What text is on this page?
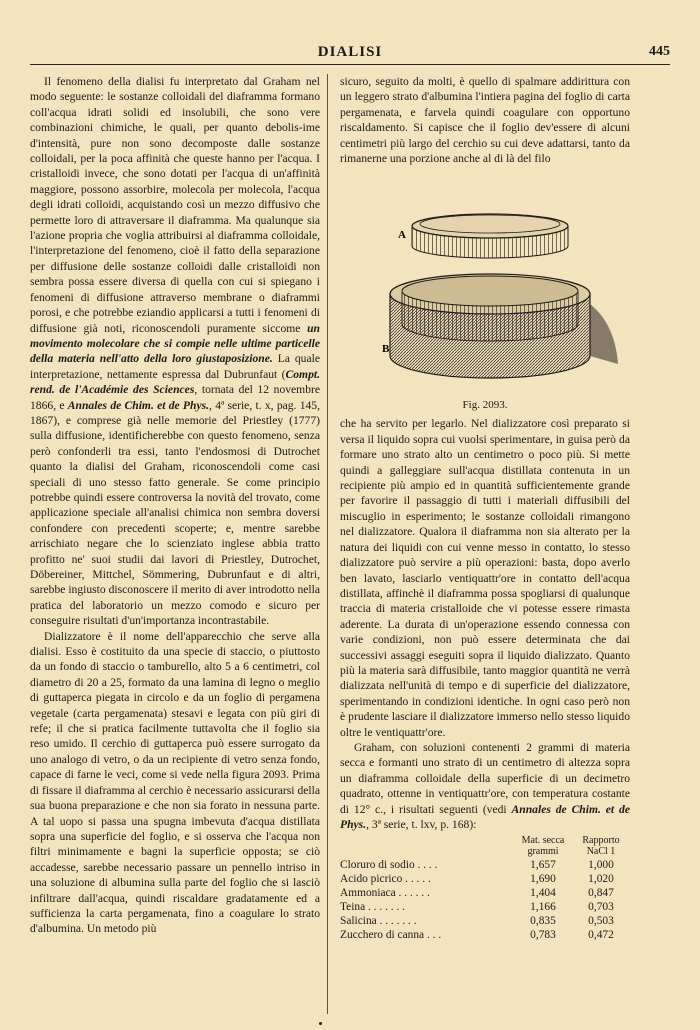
DIALISI	445

Il fenomeno della dialisi fu interpretato dal Graham nel modo seguente: le sostanze colloidali del diaframma formano coll'acqua idrati solidi ed insolubili, che sono vere combinazioni chimiche, le quali, per quanto debolis-ime d'intensità, pure non sono decomposte dalle sostanze colloidali, per la poca affinità che queste hanno per l'acqua. I cristalloidi invece, che sono dotati per l'acqua di un'affinità maggiore, possono assorbire, molecola per molecola, l'acqua degli idrati colloidi, acquistando così un mezzo diffusivo che permette loro di attraversare il diaframma. Ma qualunque sia l'azione propria che voglia attribuirsi al diaframma colloidale, l'interpretazione del fenomeno, cioè il fatto della separazione per diffusione delle sostanze colloidi dalle cristalloidi non sembra possa essere diversa di quella con cui si spiegano i fenomeni di diffusione attraverso membrane o diaframmi porosi, e che potrebbe eziandio applicarsi a tutti i fenomeni di diffusione già noti, riconoscendoli puramente siccome un movimento molecolare che si compie nelle ultime particelle della materia nell'atto della loro giustaposizione. La quale interpretazione, nettamente espressa dal Dubrunfaut (Compt. rend. de l'Académie des Sciences, tornata del 12 novembre 1866, e Annales de Chim. et de Phys., 4ª serie, t. x, pag. 145, 1867), e comprese già nelle memorie del Priestley (1777) sulla diffusione, identificherebbe con questo fenomeno, senza però confonderli tra essi, tanto l'endosmosi di Dutrochet quanto la dialisi del Graham, riconoscendoli come casi speciali di uno stesso fatto generale. Se come principio potrebbe quindi essere controversa la novità del trovato, come applicazione speciale all'analisi chimica non sembra doversi confondere con precedenti scoperte; e, mentre sarebbe arrischiato negare che lo scienziato inglese abbia tratto profitto ne' suoi studii dai lavori di Priestley, Dutrochet, Döbereiner, Mittchel, Sömmering, Dubrunfaut e di altri, sarebbe ingiusto disconoscere il merito di aver introdotto nella pratica del laboratorio un mezzo comodo e sicuro per conseguire risultati d'un'importanza incontrastabile.

Dializzatore è il nome dell'apparecchio che serve alla dialisi. Esso è costituito da una specie di staccio, o piuttosto da un fondo di staccio o tamburello, alto 5 a 6 centimetri, col diametro di 20 a 25, formato da una lamina di legno o meglio di guttaperca piegata in circolo e da un foglio di pergamena vegetale (carta pergamenata) stesavi e legata con più giri di refe; il che si pratica facilmente tuttavolta che il foglio sia reso umido. Il cerchio di guttaperca può essere surrogato da uno analogo di vetro, o da un recipiente di vetro senza fondo, capace di farne le veci, come si vede nella figura 2093. Prima di fissare il diaframma al cerchio è necessario assicurarsi della sua buona preparazione e che non sia forato in nessuna parte. A tal uopo si passa una spugna imbevuta d'acqua distillata sopra una superficie del foglio, e si osserva che l'acqua non filtri minimamente e bagni la superficie opposta; se ciò accadesse, sarebbe necessario passare un pennello intriso in una soluzione di albumina sulla parte del foglio che si lasciò infiltrare dall'acqua, quindi riscaldare gradatamente ed a sufficienza la carta pergamenata, fino a coagulare lo strato d'albumina. Un metodo più

sicuro, seguito da molti, è quello di spalmare addirittura con un leggero strato d'albumina l'intiera pagina del foglio di carta pergamenata, e farvela quindi coagulare con opportuno riscaldamento. Si capisce che il foglio dev'essere di alcuni centimetri più largo del cerchio su cui deve adattarsi, tanto da rimanerne una porzione anche al di là del filo

A
B
Fig. 2093.

che ha servito per legarlo. Nel dializzatore così preparato si versa il liquido sopra cui vuolsi sperimentare, in guisa però da formare uno strato alto un centimetro o poco più. Si mette quindi a galleggiare sull'acqua distillata contenuta in un recipiente più ampio ed in quantità sufficientemente grande per favorire il passaggio di tutti i materiali diffusibili del miscuglio in esperimento; le sostanze colloidali rimangono nel dializzatore. Qualora il diaframma non sia alterato per la natura dei liquidi con cui venne messo in contatto, lo stesso dializzatore può servire a più operazioni: basta, dopo averlo ben lavato, lasciarlo ventiquattr'ore in contatto dell'acqua distillata, affinchè il diaframma possa spogliarsi di qualunque traccia di materia cristalloide che vi potesse essere rimasta aderente. La durata di un'operazione essendo connessa con varie condizioni, non può essere determinata che dai successivi assaggi eseguiti sopra il liquido dializzato. Quanto più la materia sarà diffusibile, tanto maggior quantità ne verrà dializzata nell'unità di tempo e di superficie del dializzatore, sperimentando in condizioni identiche. In ogni caso però non è prudente lasciare il dializzatore immerso nello stesso liquido oltre le ventiquattr'ore.

Graham, con soluzioni contenenti 2 grammi di materia secca e formanti uno strato di un centimetro di altezza sopra un diaframma colloidale della superficie di un decimetro quadrato, ottenne in ventiquattr'ore, con temperatura costante di 12° c., i risultati seguenti (vedi Annales de Chim. et de Phys., 3ª serie, t. lxv, p. 168):

	Mat. secca grammi	Rapporto NaCl 1
Cloruro di sodio . . . .	1,657	1,000
Acido picrico . . . . .	1,690	1,020
Ammoniaca . . . . . .	1,404	0,847
Teina . . . . . . .	1,166	0,703
Salicina . . . . . . .	0,835	0,503
Zucchero di canna . . .	0,783	0,472
